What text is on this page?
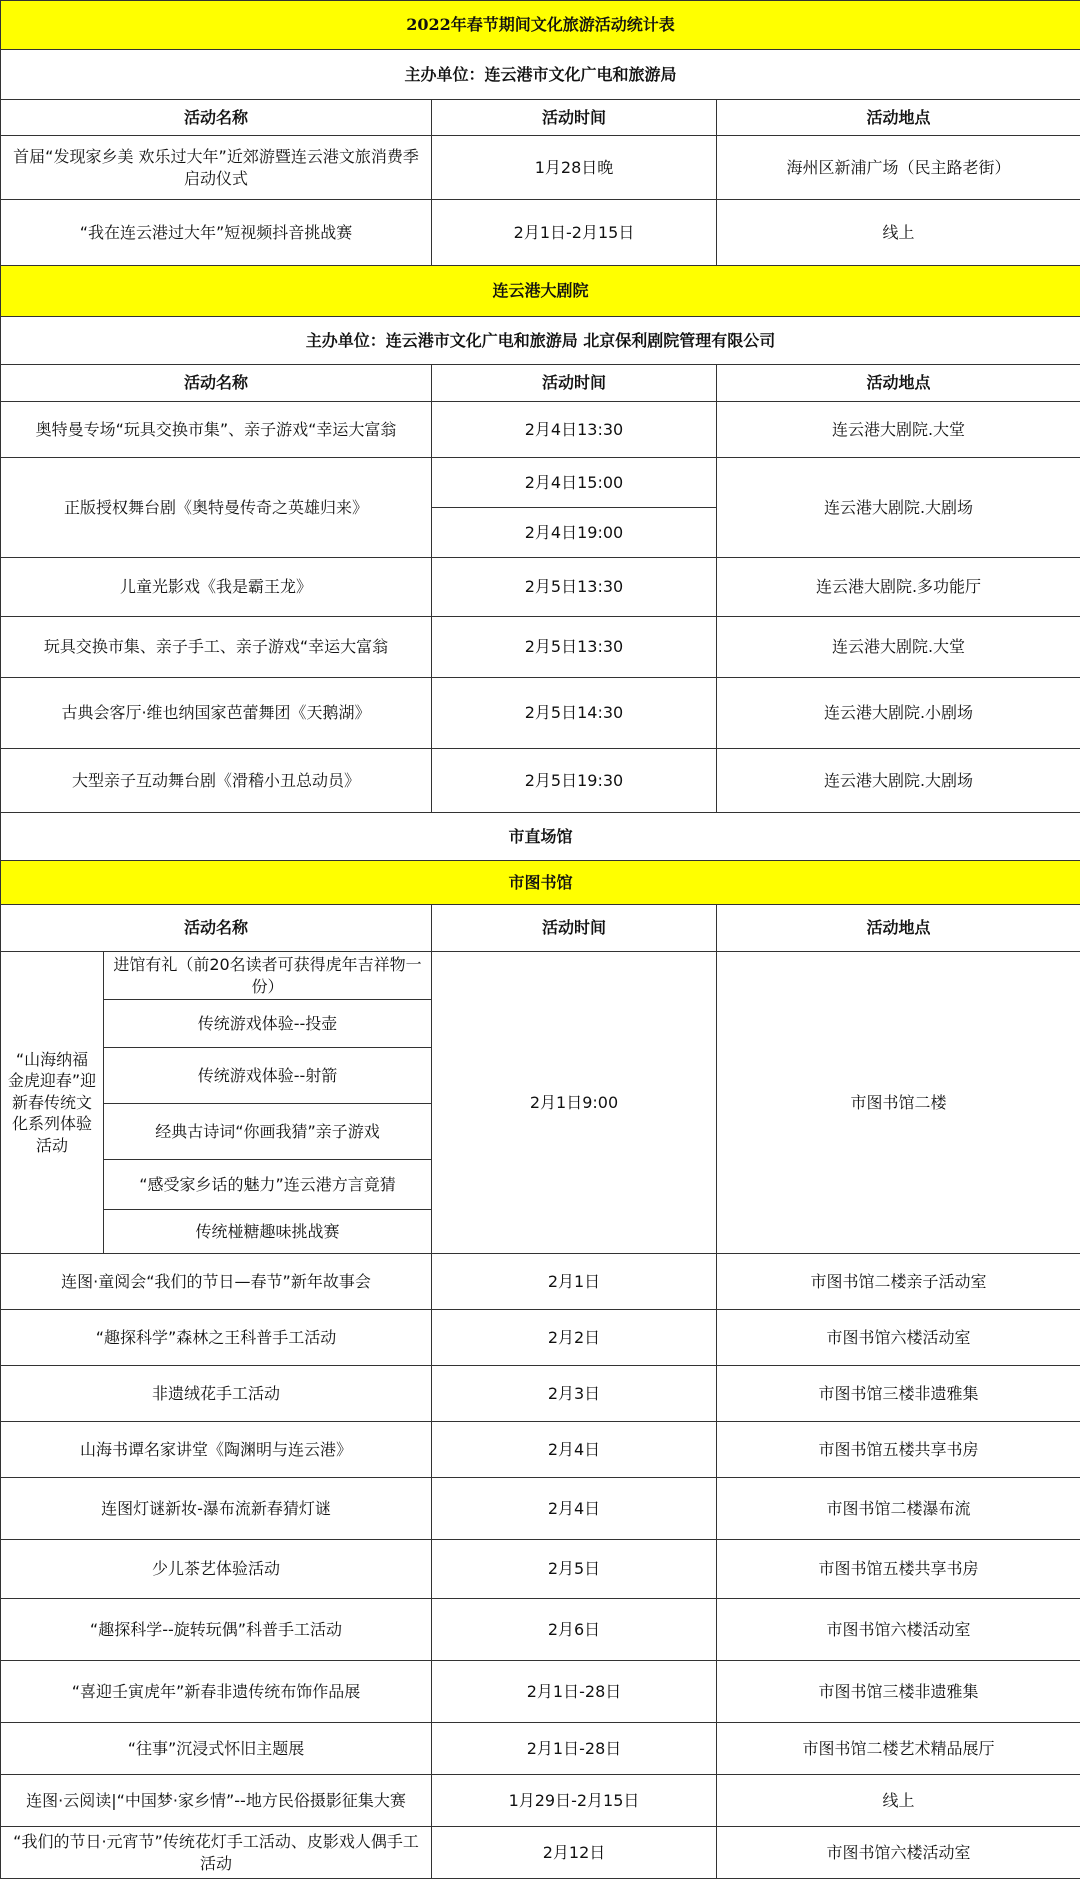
2022年春节期间文化旅游活动统计表			
主办单位：连云港市文化广电和旅游局			
活动名称		活动时间	活动地点
首届“发现家乡美 欢乐过大年”近郊游暨连云港文旅消费季启动仪式		1月28日晚	海州区新浦广场（民主路老街）
“我在连云港过大年”短视频抖音挑战赛		2月1日-2月15日	线上
连云港大剧院			
主办单位：连云港市文化广电和旅游局 北京保利剧院管理有限公司			
活动名称		活动时间	活动地点
奥特曼专场“玩具交换市集”、亲子游戏“幸运大富翁		2月4日13:30	连云港大剧院.大堂
正版授权舞台剧《奥特曼传奇之英雄归来》		2月4日15:00	连云港大剧院.大剧场
		2月4日19:00	
儿童光影戏《我是霸王龙》		2月5日13:30	连云港大剧院.多功能厅
玩具交换市集、亲子手工、亲子游戏“幸运大富翁		2月5日13:30	连云港大剧院.大堂
古典会客厅·维也纳国家芭蕾舞团《天鹅湖》		2月5日14:30	连云港大剧院.小剧场
大型亲子互动舞台剧《滑稽小丑总动员》		2月5日19:30	连云港大剧院.大剧场
市直场馆			
市图书馆			
活动名称		活动时间	活动地点
“山海纳福 金虎迎春”迎新春传统文化系列体验活动	进馆有礼（前20名读者可获得虎年吉祥物一份）	2月1日9:00	市图书馆二楼
	传统游戏体验--投壶		
	传统游戏体验--射箭		
	经典古诗词“你画我猜”亲子游戏		
	“感受家乡话的魅力”连云港方言竟猜		
	传统椪糖趣味挑战赛		
连图·童阅会“我们的节日—春节”新年故事会		2月1日	市图书馆二楼亲子活动室
“趣探科学”森林之王科普手工活动		2月2日	市图书馆六楼活动室
非遗绒花手工活动		2月3日	市图书馆三楼非遗雅集
山海书谭名家讲堂《陶渊明与连云港》		2月4日	市图书馆五楼共享书房
连图灯谜新妆-瀑布流新春猜灯谜		2月4日	市图书馆二楼瀑布流
少儿茶艺体验活动		2月5日	市图书馆五楼共享书房
“趣探科学--旋转玩偶”科普手工活动		2月6日	市图书馆六楼活动室
“喜迎壬寅虎年”新春非遗传统布饰作品展		2月1日-28日	市图书馆三楼非遗雅集
“往事”沉浸式怀旧主题展		2月1日-28日	市图书馆二楼艺术精品展厅
连图·云阅读|“中国梦·家乡情”--地方民俗摄影征集大赛		1月29日-2月15日	线上
“我们的节日·元宵节”传统花灯手工活动、皮影戏人偶手工活动		2月12日	市图书馆六楼活动室
